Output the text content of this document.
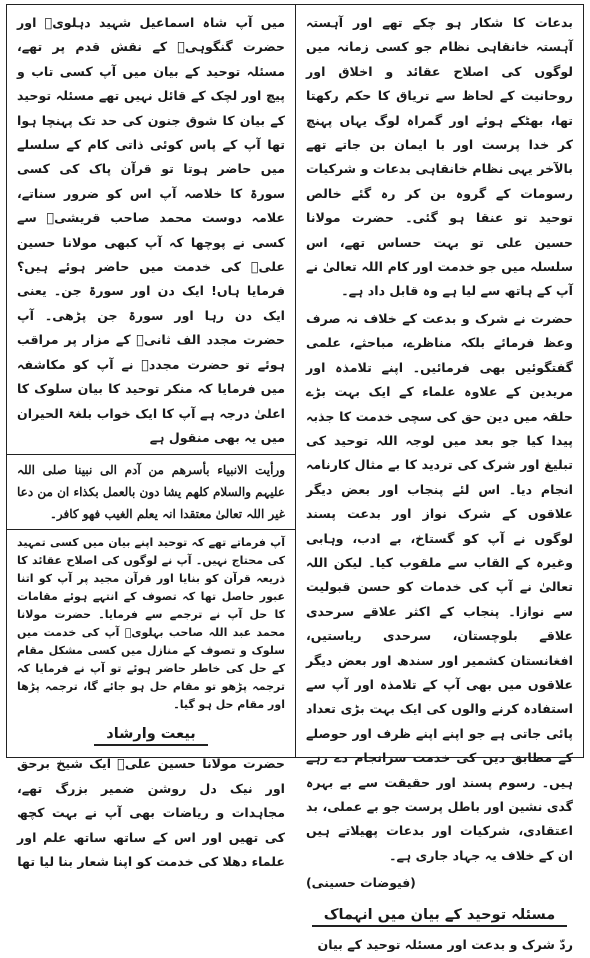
بدعات کا شکار ہو چکے تھے اور آہستہ آہستہ خانقاہی نظام جو کسی زمانہ میں لوگوں کی اصلاح عقائد و اخلاق اور روحانیت کے لحاظ سے تریاق کا حکم رکھتا تھا، بھٹکے ہوئے اور گمراہ لوگ یہاں پہنچ کر خدا پرست اور با ایمان بن جاتے تھے بالآخر یہی نظام خانقاہی بدعات و شرکیات رسومات کے گروہ بن کر رہ گئے خالص توحید تو عنقا ہو گئی۔ حضرت مولانا حسین علی تو بہت حساس تھے، اس سلسلہ میں جو خدمت اور کام اللہ تعالیٰ نے آپ کے ہاتھ سے لیا ہے وہ قابل داد ہے۔

حضرت نے شرک و بدعت کے خلاف نہ صرف وعظ فرمائے بلکہ مناظرے، مباحثے، علمی گفتگوئیں بھی فرمائیں۔ اپنے تلامذہ اور مریدین کے علاوہ علماء کے ایک بہت بڑے حلقہ میں دین حق کی سچی خدمت کا جذبہ پیدا کیا جو بعد میں لوجہ اللہ توحید کی تبلیغ اور شرک کی تردید کا بے مثال کارنامہ انجام دیا۔ اس لئے پنجاب اور بعض دیگر علاقوں کے شرک نواز اور بدعت پسند لوگوں نے آپ کو گستاخ، بے ادب، وہابی وغیرہ کے القاب سے ملقوب کیا۔ لیکن اللہ تعالیٰ نے آپ کی خدمات کو حسن قبولیت سے نوازا۔ پنجاب کے اکثر علاقے سرحدی علاقے بلوچستان، سرحدی ریاستیں، افغانستان کشمیر اور سندھ اور بعض دیگر علاقوں میں بھی آپ کے تلامذہ اور آپ سے استفادہ کرنے والوں کی ایک بہت بڑی تعداد پائی جاتی ہے جو اپنے اپنے ظرف اور حوصلے کے مطابق دین کی خدمت سرانجام دے رہے ہیں۔ رسوم پسند اور حقیقت سے بے بہرہ گدی نشین اور باطل پرست جو بے عملی، بد اعتقادی، شرکیات اور بدعات پھیلاتے ہیں ان کے خلاف یہ جہاد جاری ہے۔

(فیوضات حسینی)

مسئلہ توحید کے بیان میں انہماک

ردّ شرک و بدعت اور مسئلہ توحید کے بیان

میں آپ شاہ اسماعیل شہید دہلویؒ اور حضرت گنگوہیؒ کے نقش قدم پر تھے، مسئلہ توحید کے بیان میں آپ کسی تاب و پیچ اور لچک کے قائل نہیں تھے مسئلہ توحید کے بیان کا شوق جنون کی حد تک پہنچا ہوا تھا آپ کے پاس کوئی ذاتی کام کے سلسلے میں حاضر ہوتا تو قرآن پاک کی کسی سورۃ کا خلاصہ آپ اس کو ضرور سناتے، علامہ دوست محمد صاحب قریشیؒ سے کسی نے پوچھا کہ آپ کبھی مولانا حسین علیؒ کی خدمت میں حاضر ہوئے ہیں؟ فرمایا ہاں! ایک دن اور سورۃ جن۔ یعنی ایک دن رہا اور سورۃ جن پڑھی۔ آپ حضرت مجدد الف ثانیؒ کے مزار پر مراقب ہوئے تو حضرت مجددؒ نے آپ کو مکاشفہ میں فرمایا کہ منکر توحید کا بیان سلوک کا اعلیٰ درجہ ہے آپ کا ایک خواب بلغۃ الحیران میں یہ بھی منقول ہے

ورأیت الانبیاء بأسرھم من آدم الی نبینا صلی اللہ علیہم والسلام کلھم یشا دون بالعمل بکذاء ان من دعا غیر اللہ تعالیٰ معتقدا انہ یعلم الغیب فھو کافر۔

آپ فرماتے تھے کہ توحید اپنے بیان میں کسی تمہید کی محتاج نہیں۔ آپ نے لوگوں کی اصلاح عقائد کا ذریعہ قرآن کو بنایا اور قرآن مجید پر آپ کو اتنا عبور حاصل تھا کہ تصوف کے انتہے ہوئے مقامات کا حل آپ نے ترجمے سے فرمایا۔ حضرت مولانا محمد عبد اللہ صاحب بہلویؒ آپ کی خدمت میں سلوک و تصوف کے منازل میں کسی مشکل مقام کے حل کی خاطر حاضر ہوئے تو آپ نے فرمایا کہ ترجمہ پڑھو تو مقام حل ہو جائے گا، ترجمہ پڑھا اور مقام حل ہو گیا۔

بیعت وارشاد

حضرت مولانا حسین علیؒ ایک شیخ برحق اور نیک دل روشن ضمیر بزرگ تھے، مجاہدات و ریاضات بھی آپ نے بہت کچھ کی تھیں اور اس کے ساتھ ساتھ علم اور علماء دھلا کی خدمت کو اپنا شعار بنا لیا تھا
